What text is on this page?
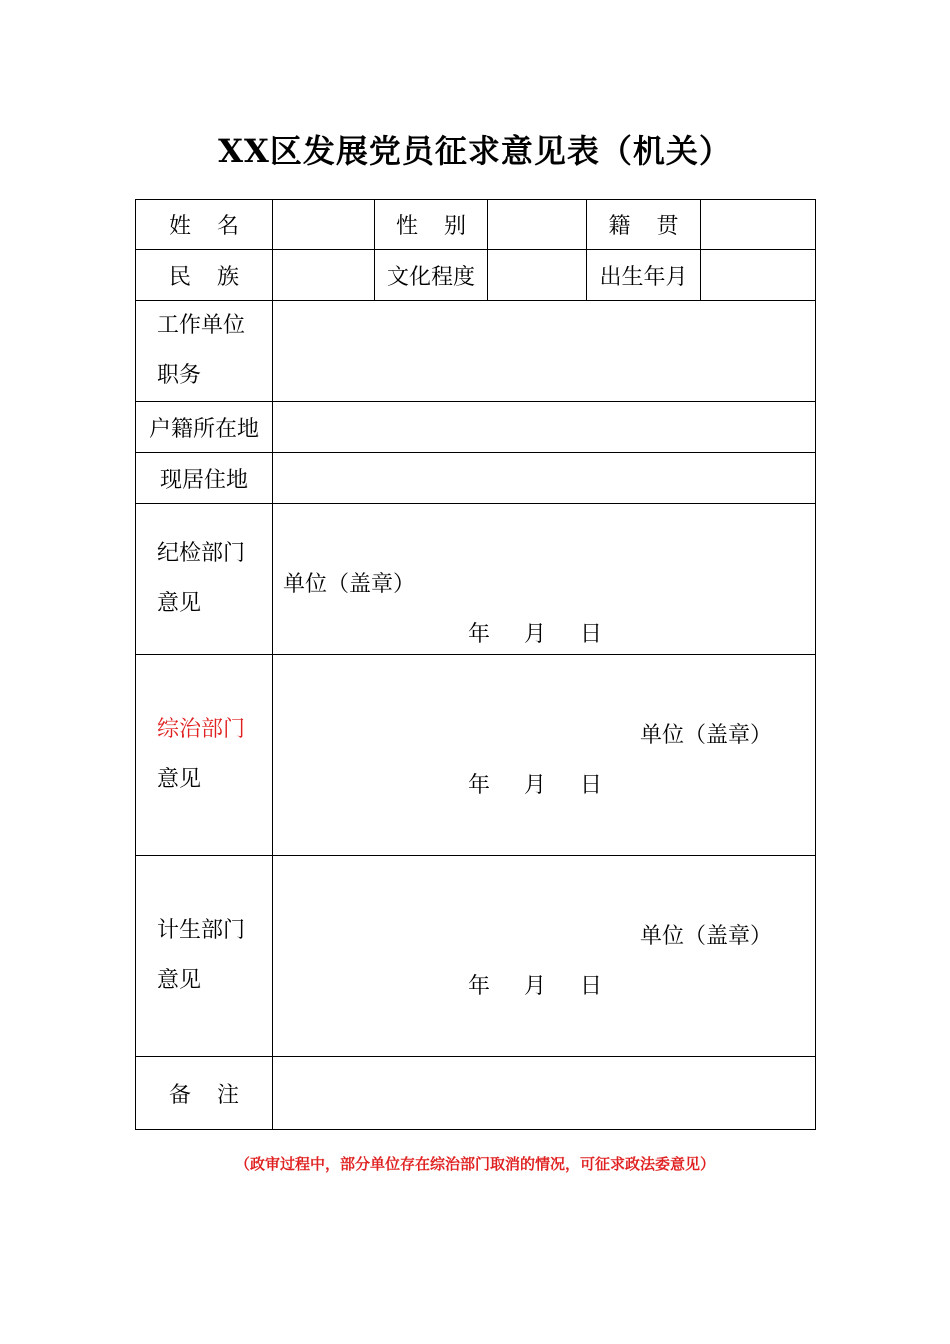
XX区发展党员征求意见表（机关）
姓 名		性 别		籍 贯	

民 族		文化程度		出生年月	

工作单位
职务					

户籍所在地					
现居住地					

纪检部门
意见	单位（盖章）
年 月 日				

综治部门
意见	单位（盖章）
年 月 日				

计生部门
意见	单位（盖章）
年 月 日				

备 注					

（政审过程中，部分单位存在综治部门取消的情况，可征求政法委意见）
